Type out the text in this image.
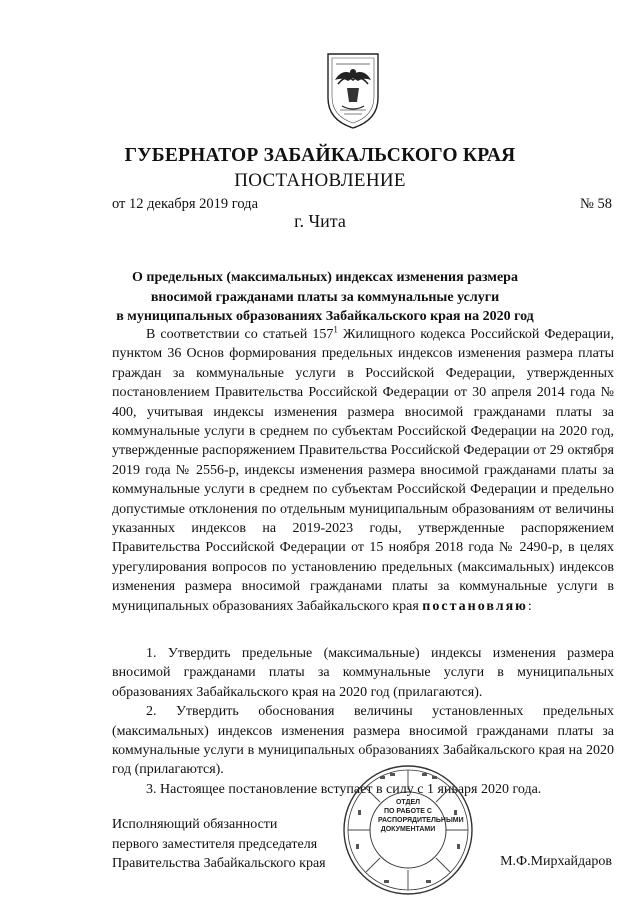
ГУБЕРНАТОР ЗАБАЙКАЛЬСКОГО КРАЯ
ПОСТАНОВЛЕНИЕ
от 12 декабря 2019 года	№ 58
г. Чита
О предельных (максимальных) индексах изменения размера
вносимой гражданами платы за коммунальные услуги
в муниципальных образованиях Забайкальского края на 2020 год

В соответствии со статьей $157^1$ Жилищного кодекса Российской Федерации, пунктом 36 Основ формирования предельных индексов изменения размера платы граждан за коммунальные услуги в Российской Федерации, утвержденных постановлением Правительства Российской Федерации от 30 апреля 2014 года № 400, учитывая индексы изменения размера вносимой гражданами платы за коммунальные услуги в среднем по субъектам Российской Федерации на 2020 год, утвержденные распоряжением Правительства Российской Федерации от 29 октября 2019 года № 2556-р, индексы изменения размера вносимой гражданами платы за коммунальные услуги в среднем по субъектам Российской Федерации и предельно допустимые отклонения по отдельным муниципальным образованиям от величины указанных индексов на 2019-2023 годы, утвержденные распоряжением Правительства Российской Федерации от 15 ноября 2018 года № 2490-р, в целях урегулирования вопросов по установлению предельных (максимальных) индексов изменения размера вносимой гражданами платы за коммунальные услуги в муниципальных образованиях Забайкальского края постановляю:

1. Утвердить предельные (максимальные) индексы изменения размера вносимой гражданами платы за коммунальные услуги в муниципальных образованиях Забайкальского края на 2020 год (прилагаются).

2. Утвердить обоснования величины установленных предельных (максимальных) индексов изменения размера вносимой гражданами платы за коммунальные услуги в муниципальных образованиях Забайкальского края на 2020 год (прилагаются).

3. Настоящее постановление вступает в силу с 1 января 2020 года.

ОТДЕЛ
ПО РАБОТЕ С
РАСПОРЯДИТЕЛЬНЫМИ
ДОКУМЕНТАМИ
Исполняющий обязанности
первого заместителя председателя
Правительства Забайкальского края	М.Ф.Мирхайдаров
